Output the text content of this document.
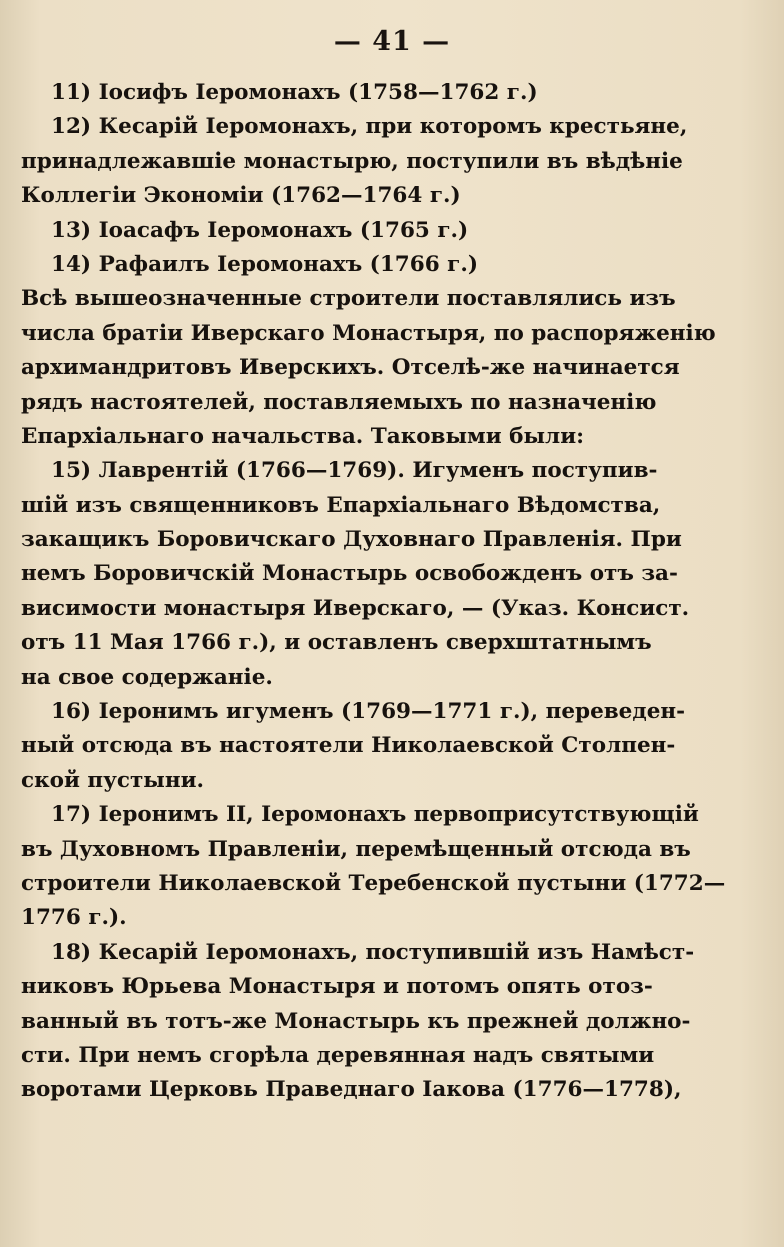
— 41 —
11) Іосифъ Іеромонахъ (1758—1762 г.)
12) Кесарій Іеромонахъ, при которомъ крестьяне,
принадлежавшіе монастырю, поступили въ вѣдѣніе
Коллегіи Экономіи (1762—1764 г.)
13) Іоасафъ Іеромонахъ (1765 г.)
14) Рафаилъ Іеромонахъ (1766 г.)
Всѣ вышеозначенные строители поставлялись изъ
числа братіи Иверскаго Монастыря, по распоряженію
архимандритовъ Иверскихъ. Отселѣ-же начинается
рядъ настоятелей, поставляемыхъ по назначенію
Епархіальнаго начальства. Таковыми были:
15) Лаврентій (1766—1769). Игуменъ поступив-
шій изъ священниковъ Епархіальнаго Вѣдомства,
закащикъ Боровичскаго Духовнаго Правленія. При
немъ Боровичскій Монастырь освобожденъ отъ за-
висимости монастыря Иверскаго, — (Указ. Консист.
отъ 11 Мая 1766 г.), и оставленъ сверхштатнымъ
на свое содержаніе.
16) Іеронимъ игуменъ (1769—1771 г.), переведен-
ный отсюда въ настоятели Николаевской Столпен-
ской пустыни.
17) Іеронимъ II, Іеромонахъ первоприсутствующій
въ Духовномъ Правленіи, перемѣщенный отсюда въ
строители Николаевской Теребенской пустыни (1772—
1776 г.).
18) Кесарій Іеромонахъ, поступившій изъ Намѣст-
никовъ Юрьева Монастыря и потомъ опять отоз-
ванный въ тотъ-же Монастырь къ прежней должно-
сти. При немъ сгорѣла деревянная надъ святыми
воротами Церковь Праведнаго Іакова (1776—1778),
